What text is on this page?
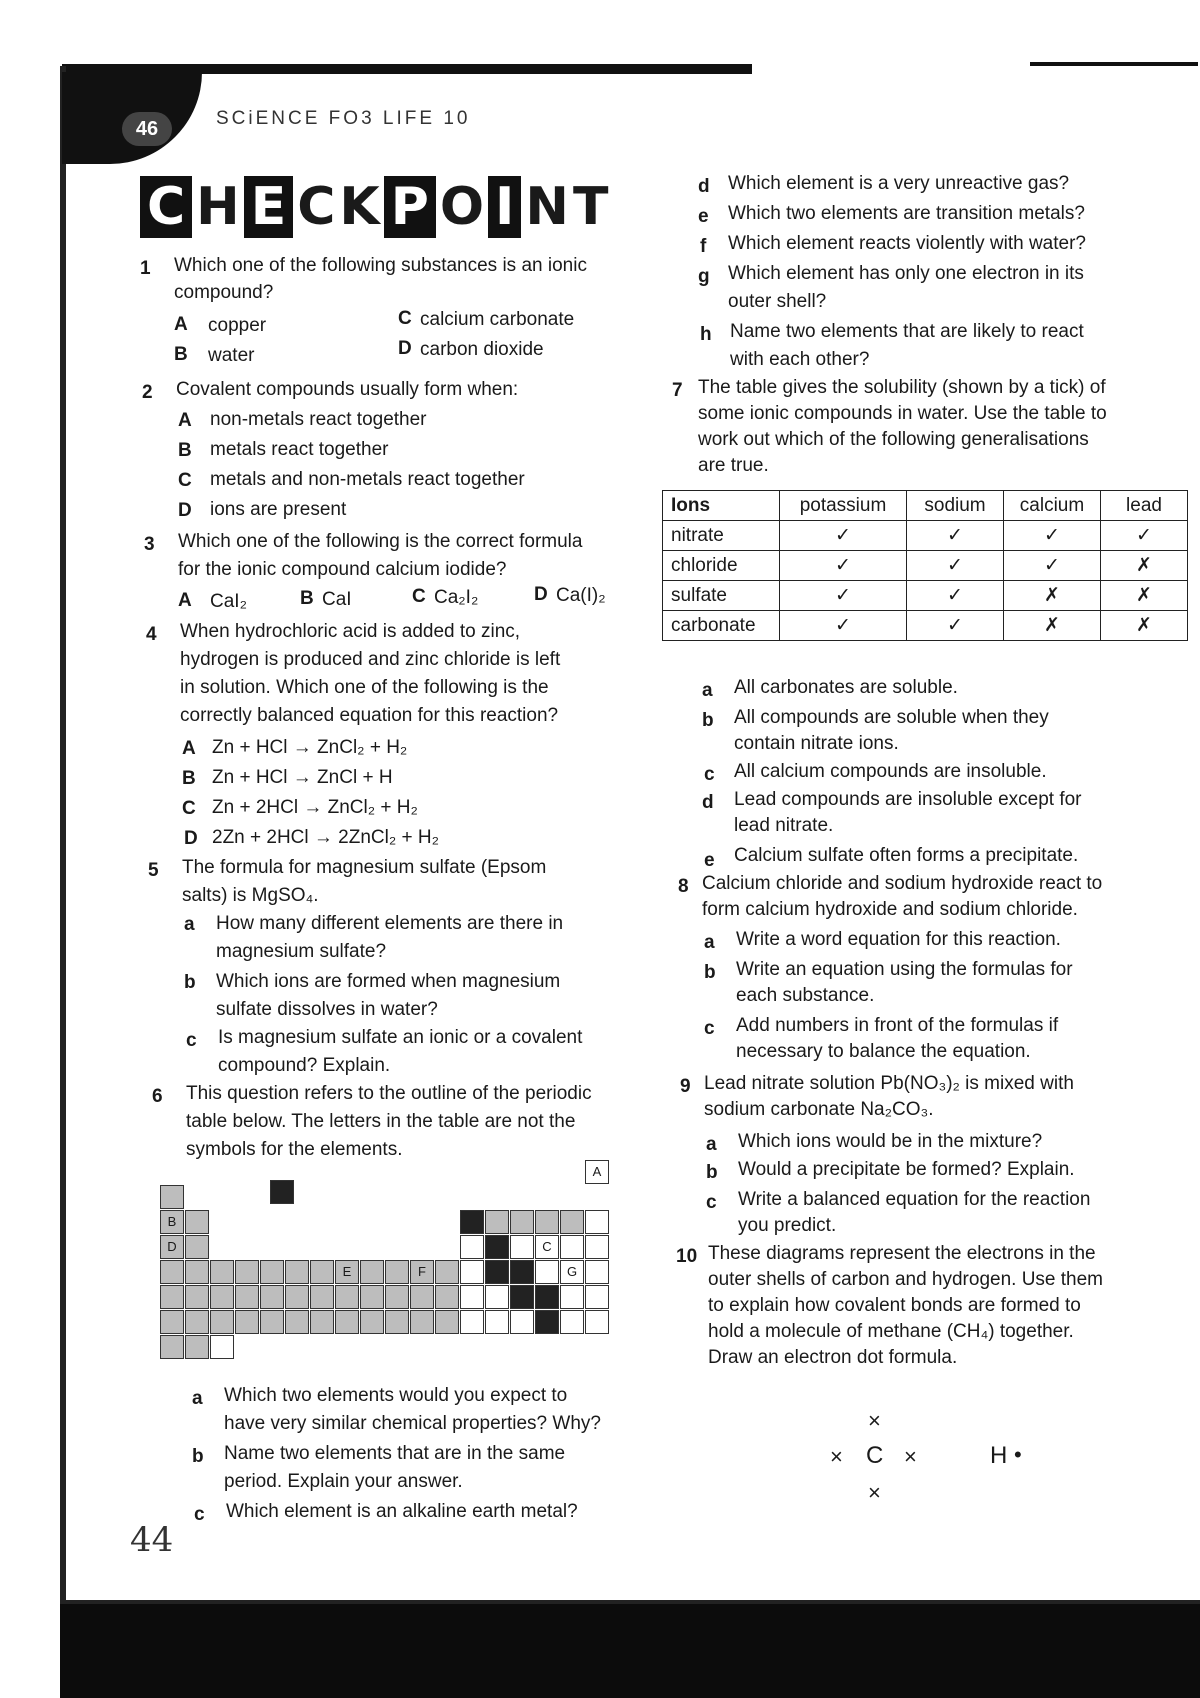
46	SCiENCE FO3 LIFE 10
C H E C K P O I N T
1 Which one of the following substances is an ionic compound?
A copper	C calcium carbonate
B water	D carbon dioxide
2 Covalent compounds usually form when:
A non-metals react together
B metals react together
C metals and non-metals react together
D ions are present
3 Which one of the following is the correct formula
for the ionic compound calcium iodide?
A CaI₂	B CaI	C Ca₂I₂	D Ca(I)₂
4 When hydrochloric acid is added to zinc,
hydrogen is produced and zinc chloride is left
in solution. Which one of the following is the
correctly balanced equation for this reaction?
A Zn + HCl → ZnCl₂ + H₂
B Zn + HCl → ZnCl + H
C Zn + 2HCl → ZnCl₂ + H₂
D 2Zn + 2HCl → 2ZnCl₂ + H₂
5 The formula for magnesium sulfate (Epsom
salts) is MgSO₄.
a How many different elements are there in
magnesium sulfate?
b Which ions are formed when magnesium
sulfate dissolves in water?
c Is magnesium sulfate an ionic or a covalent
compound? Explain.
6 This question refers to the outline of the periodic
table below. The letters in the table are not the
symbols for the elements.
A
B
D	C
E	F	G
a Which two elements would you expect to
have very similar chemical properties? Why?
b Name two elements that are in the same
period. Explain your answer.
c Which element is an alkaline earth metal?
44
d Which element is a very unreactive gas?
e Which two elements are transition metals?
f Which element reacts violently with water?
g Which element has only one electron in its
outer shell?
h Name two elements that are likely to react
with each other?
7 The table gives the solubility (shown by a tick) of
some ionic compounds in water. Use the table to
work out which of the following generalisations
are true.
Ions	potassium	sodium	calcium	lead
nitrate	✓	✓	✓	✓
chloride	✓	✓	✓	✗
sulfate	✓	✓	✗	✗
carbonate	✓	✓	✗	✗
a All carbonates are soluble.
b All compounds are soluble when they
contain nitrate ions.
c All calcium compounds are insoluble.
d Lead compounds are insoluble except for
lead nitrate.
e Calcium sulfate often forms a precipitate.
8 Calcium chloride and sodium hydroxide react to
form calcium hydroxide and sodium chloride.
a Write a word equation for this reaction.
b Write an equation using the formulas for
each substance.
c Add numbers in front of the formulas if
necessary to balance the equation.
9 Lead nitrate solution Pb(NO₃)₂ is mixed with
sodium carbonate Na₂CO₃.
a Which ions would be in the mixture?
b Would a precipitate be formed? Explain.
c Write a balanced equation for the reaction
you predict.
10 These diagrams represent the electrons in the
outer shells of carbon and hydrogen. Use them
to explain how covalent bonds are formed to
hold a molecule of methane (CH₄) together.
Draw an electron dot formula.
×
× C ×
×
H •
